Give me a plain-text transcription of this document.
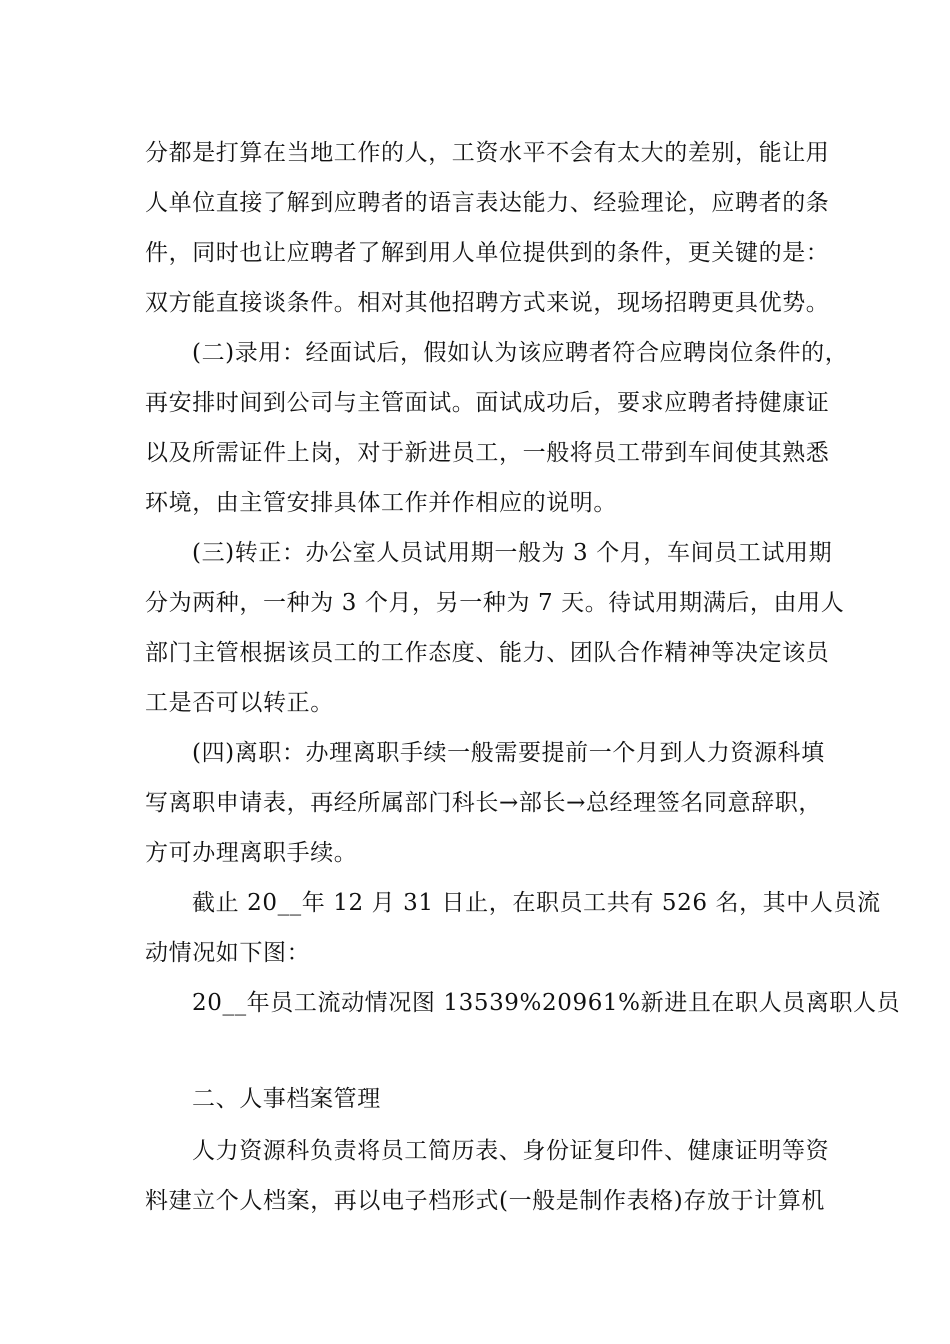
分都是打算在当地工作的人，工资水平不会有太大的差别，能让用
人单位直接了解到应聘者的语言表达能力、经验理论，应聘者的条
件，同时也让应聘者了解到用人单位提供到的条件，更关键的是：
双方能直接谈条件。相对其他招聘方式来说，现场招聘更具优势。
(二)录用：经面试后，假如认为该应聘者符合应聘岗位条件的，
再安排时间到公司与主管面试。面试成功后，要求应聘者持健康证
以及所需证件上岗，对于新进员工，一般将员工带到车间使其熟悉
环境，由主管安排具体工作并作相应的说明。
(三)转正：办公室人员试用期一般为 3 个月，车间员工试用期
分为两种，一种为 3 个月，另一种为 7 天。待试用期满后，由用人
部门主管根据该员工的工作态度、能力、团队合作精神等决定该员
工是否可以转正。
(四)离职：办理离职手续一般需要提前一个月到人力资源科填
写离职申请表，再经所属部门科长→部长→总经理签名同意辞职，
方可办理离职手续。
截止 20__年 12 月 31 日止，在职员工共有 526 名，其中人员流
动情况如下图：
20__年员工流动情况图 13539%20961%新进且在职人员离职人员
二、人事档案管理
人力资源科负责将员工简历表、身份证复印件、健康证明等资
料建立个人档案，再以电子档形式(一般是制作表格)存放于计算机
